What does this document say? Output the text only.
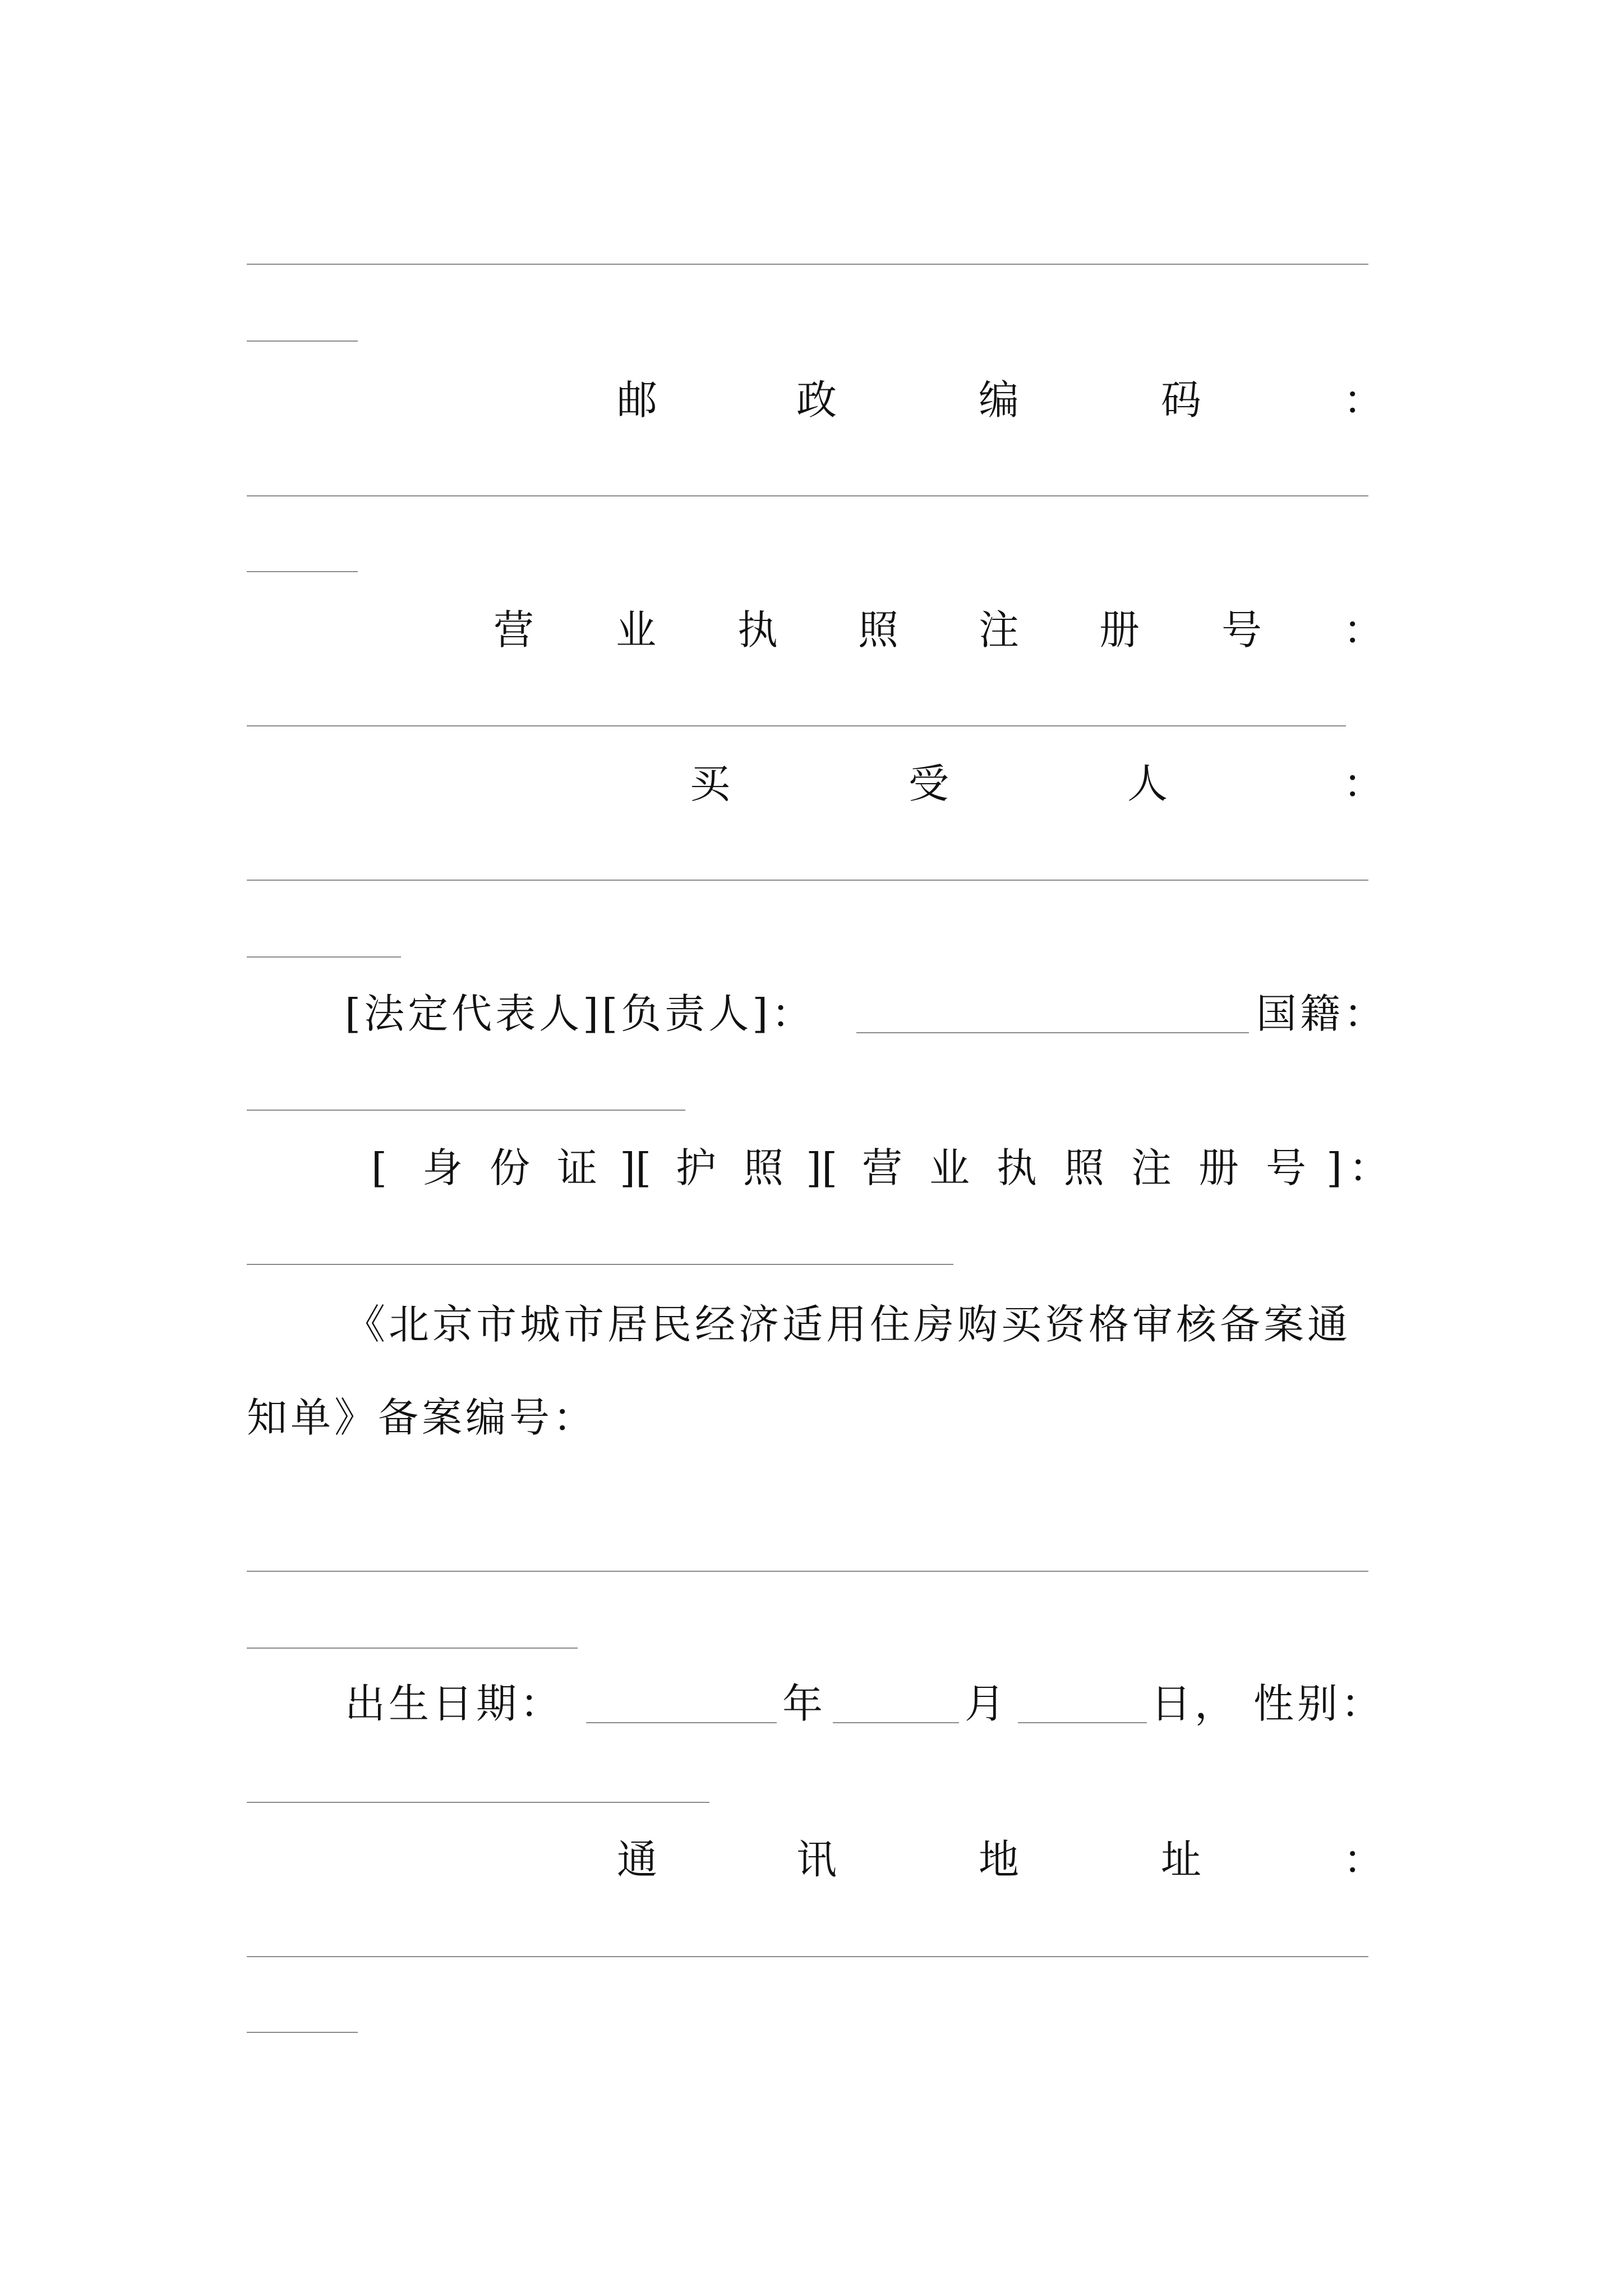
邮	政	编	码	：
营 业 执 照 注 册 号 ：
买	受	人	：
[法定代表人][负责人]：	国籍：
[ 身 份 证 ][ 护 照 ][ 营 业 执 照 注 册 号 ] ：
《北京市城市居民经济适用住房购买资格审核备案通知单》备案编号：
出生日期：	年	月	日， 性别：
通	讯	地	址	：
